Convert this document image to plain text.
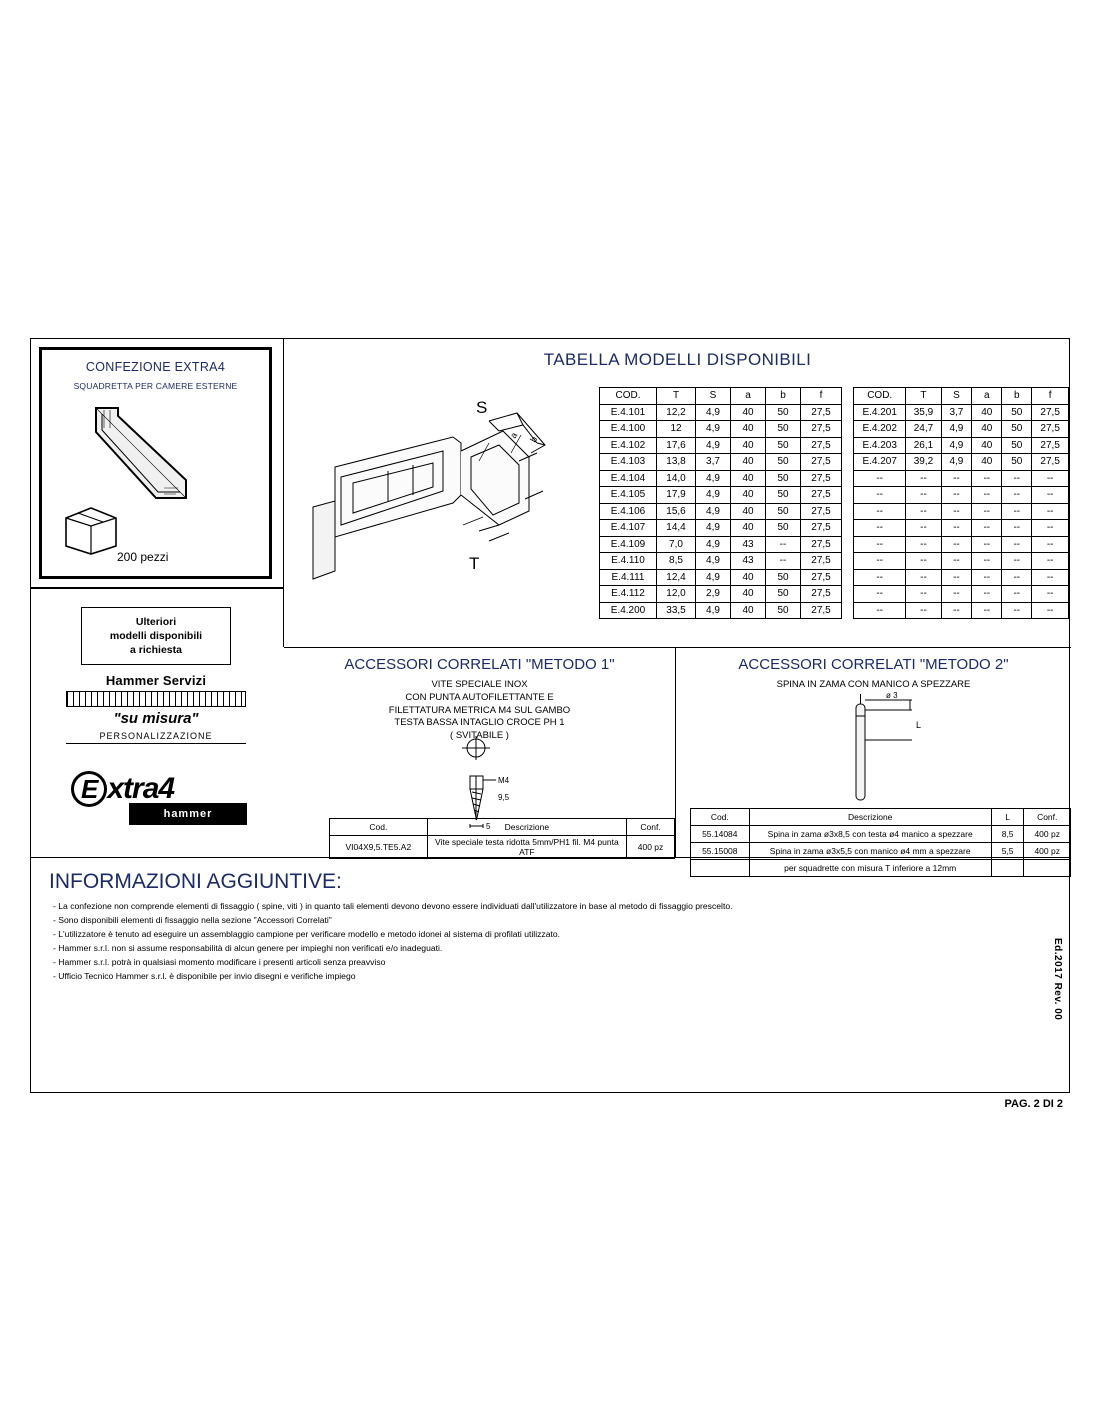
CONFEZIONE EXTRA4
SQUADRETTA PER CAMERE ESTERNE
200 pezzi
Ulteriori
modelli disponibili
a richiesta
TABELLA MODELLI DISPONIBILI
S
T
a b
COD.	T	S	a	b	f
E.4.101	12,2	4,9	40	50	27,5
E.4.100	12	4,9	40	50	27,5
E.4.102	17,6	4,9	40	50	27,5
E.4.103	13,8	3,7	40	50	27,5
E.4.104	14,0	4,9	40	50	27,5
E.4.105	17,9	4,9	40	50	27,5
E.4.106	15,6	4,9	40	50	27,5
E.4.107	14,4	4,9	40	50	27,5
E.4.109	7,0	4,9	43	--	27,5
E.4.110	8,5	4,9	43	--	27,5
E.4.111	12,4	4,9	40	50	27,5
E.4.112	12,0	2,9	40	50	27,5
E.4.200	33,5	4,9	40	50	27,5
COD.	T	S	a	b	f
E.4.201	35,9	3,7	40	50	27,5
E.4.202	24,7	4,9	40	50	27,5
E.4.203	26,1	4,9	40	50	27,5
E.4.207	39,2	4,9	40	50	27,5
--	--	--	--	--	--
--	--	--	--	--	--
--	--	--	--	--	--
--	--	--	--	--	--
--	--	--	--	--	--
--	--	--	--	--	--
--	--	--	--	--	--
--	--	--	--	--	--
--	--	--	--	--	--
ACCESSORI CORRELATI "METODO 1"
VITE SPECIALE INOX
CON PUNTA AUTOFILETTANTE E
FILETTATURA METRICA M4 SUL GAMBO
TESTA BASSA INTAGLIO CROCE PH 1
( SVITABILE )
M4
9,5
5
Cod.	Descrizione	Conf.
VI04X9,5.TE5.A2	Vite speciale testa ridotta 5mm/PH1 fil. M4 punta ATF	400 pz
ACCESSORI CORRELATI "METODO 2"
SPINA IN ZAMA CON MANICO A SPEZZARE
ø 3
L
Cod.	Descrizione	L	Conf.
55.14084	Spina in zama ø3x8,5 con testa ø4 manico a spezzare	8,5	400 pz
55.15008	Spina in zama ø3x5,5 con manico ø4 mm a spezzare	5,5	400 pz
	per squadrette con misura T inferiore a 12mm		
Hammer Servizi
"su misura"
PERSONALIZZAZIONE
E xtra4
hammer
INFORMAZIONI AGGIUNTIVE:
- La confezione non comprende elementi di fissaggio ( spine, viti ) in quanto tali elementi devono devono essere individuati dall'utilizzatore in base al metodo di fissaggio prescelto.
- Sono disponibili elementi di fissaggio nella sezione "Accessori Correlati"
- L'utilizzatore è tenuto ad eseguire un assemblaggio campione per verificare modello e metodo idonei al sistema di profilati utilizzato.
- Hammer s.r.l. non si assume responsabilità di alcun genere per impieghi non verificati e/o inadeguati.
- Hammer s.r.l. potrà in qualsiasi momento modificare i presenti articoli senza preavviso
- Ufficio Tecnico Hammer s.r.l. è disponibile per invio disegni e verifiche impiego	Ed.2017 Rev. 00
PAG. 2 DI 2
